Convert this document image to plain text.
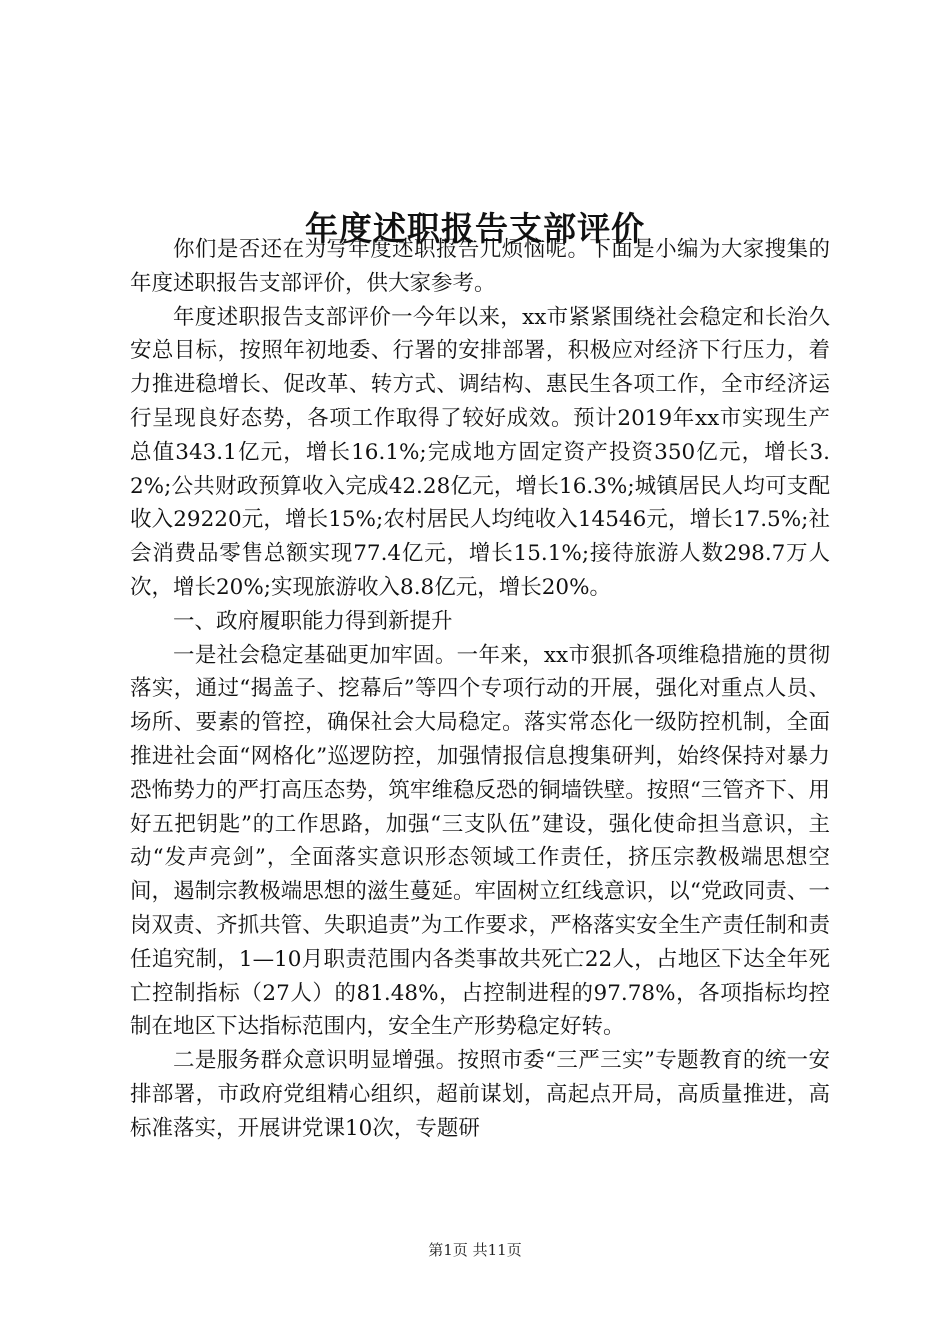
年度述职报告支部评价

你们是否还在为写年度述职报告儿烦恼呢。下面是小编为大家搜集的年度述职报告支部评价，供大家参考。

年度述职报告支部评价一今年以来，xx市紧紧围绕社会稳定和长治久安总目标，按照年初地委、行署的安排部署，积极应对经济下行压力，着力推进稳增长、促改革、转方式、调结构、惠民生各项工作，全市经济运行呈现良好态势，各项工作取得了较好成效。预计2019年xx市实现生产总值343.1亿元，增长16.1%;完成地方固定资产投资350亿元，增长3.2%;公共财政预算收入完成42.28亿元，增长16.3%;城镇居民人均可支配收入29220元，增长15%;农村居民人均纯收入14546元，增长17.5%;社会消费品零售总额实现77.4亿元，增长15.1%;接待旅游人数298.7万人次，增长20%;实现旅游收入8.8亿元，增长20%。

一、政府履职能力得到新提升

一是社会稳定基础更加牢固。一年来，xx市狠抓各项维稳措施的贯彻落实，通过“揭盖子、挖幕后”等四个专项行动的开展，强化对重点人员、场所、要素的管控，确保社会大局稳定。落实常态化一级防控机制，全面推进社会面“网格化”巡逻防控，加强情报信息搜集研判，始终保持对暴力恐怖势力的严打高压态势，筑牢维稳反恐的铜墙铁壁。按照“三管齐下、用好五把钥匙”的工作思路，加强“三支队伍”建设，强化使命担当意识，主动“发声亮剑”，全面落实意识形态领域工作责任，挤压宗教极端思想空间，遏制宗教极端思想的滋生蔓延。牢固树立红线意识，以“党政同责、一岗双责、齐抓共管、失职追责”为工作要求，严格落实安全生产责任制和责任追究制，1—10月职责范围内各类事故共死亡22人，占地区下达全年死亡控制指标（27人）的81.48%，占控制进程的97.78%，各项指标均控制在地区下达指标范围内，安全生产形势稳定好转。

二是服务群众意识明显增强。按照市委“三严三实”专题教育的统一安排部署，市政府党组精心组织，超前谋划，高起点开局，高质量推进，高标准落实，开展讲党课10次，专题研

第1页 共11页
